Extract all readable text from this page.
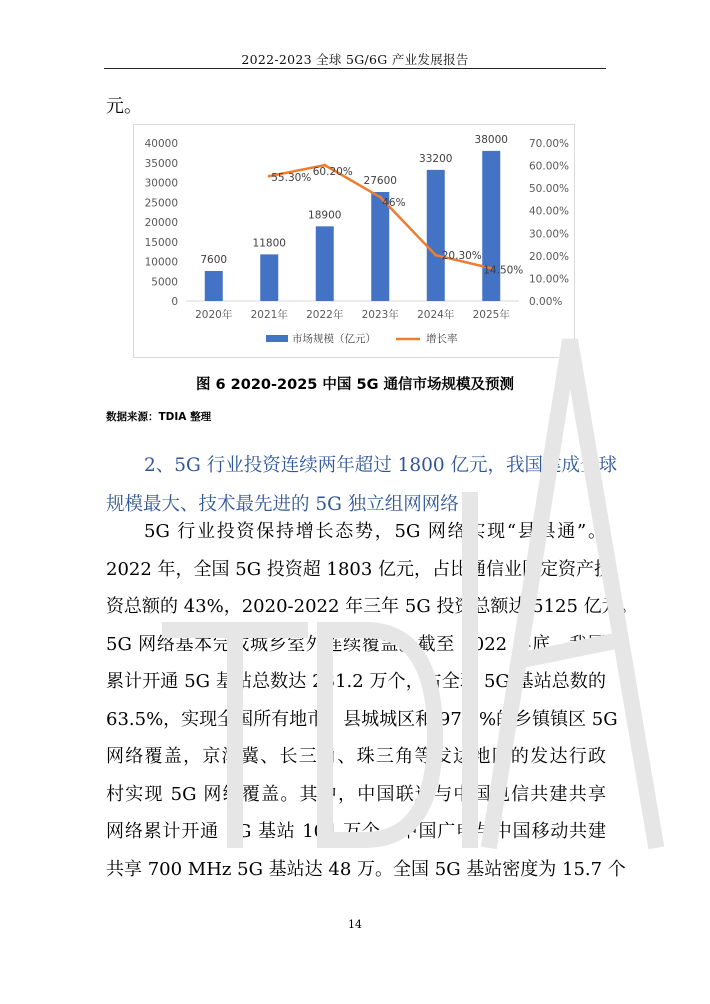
2022-2023 全球 5G/6G 产业发展报告
元。
0
5000
10000
15000
20000
25000
30000
35000
40000
0.00%
10.00%
20.00%
30.00%
40.00%
50.00%
60.00%
70.00%
7600
11800
18900
27600
33200
38000
2020年 2021年 2022年 2023年 2024年 2025年
55.30%
60.20%
46%
20.30%
14.50%
市场规模（亿元）	增长率
图 6 2020-2025 中国 5G 通信市场规模及预测
数据来源：TDIA 整理
2、5G 行业投资连续两年超过 1800 亿元，我国建成全球
规模最大、技术最先进的 5G 独立组网网络
5G 行业投资保持增长态势，5G 网络实现“县县通”。
2022 年，全国 5G 投资超 1803 亿元，占比通信业固定资产投
资总额的 43%，2020-2022 年三年 5G 投资总额达 5125 亿元。
5G 网络基本完成城乡室外连续覆盖。截至 2022 年底，我国
累计开通 5G 基站总数达 231.2 万个，占全球 5G 基站总数的
63.5%，实现全国所有地市、县城城区和 97.7%的乡镇镇区 5G
网络覆盖，京津冀、长三角、珠三角等发达地区的发达行政
村实现 5G 网络覆盖。其中，中国联通与中国电信共建共享
网络累计开通 5G 基站 104 万个，中国广电与中国移动共建
共享 700 MHz 5G 基站达 48 万。全国 5G 基站密度为 15.7 个
14
